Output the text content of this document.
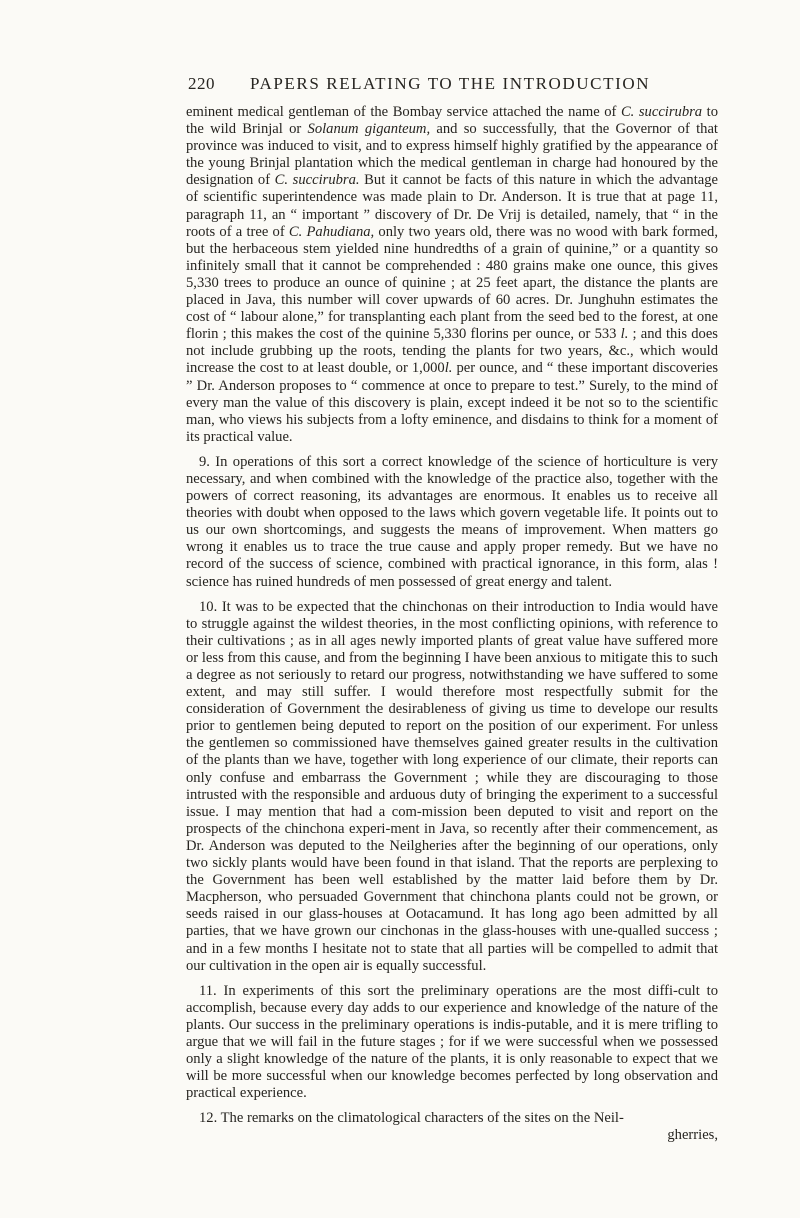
220 PAPERS RELATING TO THE INTRODUCTION

eminent medical gentleman of the Bombay service attached the name of C. succirubra to the wild Brinjal or Solanum giganteum, and so successfully, that the Governor of that province was induced to visit, and to express himself highly gratified by the appearance of the young Brinjal plantation which the medical gentleman in charge had honoured by the designation of C. succirubra. But it cannot be facts of this nature in which the advantage of scientific superintendence was made plain to Dr. Anderson. It is true that at page 11, paragraph 11, an “ important ” discovery of Dr. De Vrij is detailed, namely, that “ in the roots of a tree of C. Pahudiana, only two years old, there was no wood with bark formed, but the herbaceous stem yielded nine hundredths of a grain of quinine,” or a quantity so infinitely small that it cannot be comprehended : 480 grains make one ounce, this gives 5,330 trees to produce an ounce of quinine ; at 25 feet apart, the distance the plants are placed in Java, this number will cover upwards of 60 acres. Dr. Junghuhn estimates the cost of “ labour alone,” for transplanting each plant from the seed bed to the forest, at one florin ; this makes the cost of the quinine 5,330 florins per ounce, or 533 l. ; and this does not include grubbing up the roots, tending the plants for two years, &c., which would increase the cost to at least double, or 1,000l. per ounce, and “ these important discoveries ” Dr. Anderson proposes to “ commence at once to prepare to test.” Surely, to the mind of every man the value of this discovery is plain, except indeed it be not so to the scientific man, who views his subjects from a lofty eminence, and disdains to think for a moment of its practical value.

9. In operations of this sort a correct knowledge of the science of horticulture is very necessary, and when combined with the knowledge of the practice also, together with the powers of correct reasoning, its advantages are enormous. It enables us to receive all theories with doubt when opposed to the laws which govern vegetable life. It points out to us our own shortcomings, and suggests the means of improvement. When matters go wrong it enables us to trace the true cause and apply proper remedy. But we have no record of the success of science, combined with practical ignorance, in this form, alas ! science has ruined hundreds of men possessed of great energy and talent.

10. It was to be expected that the chinchonas on their introduction to India would have to struggle against the wildest theories, in the most conflicting opinions, with reference to their cultivations ; as in all ages newly imported plants of great value have suffered more or less from this cause, and from the beginning I have been anxious to mitigate this to such a degree as not seriously to retard our progress, notwithstanding we have suffered to some extent, and may still suffer. I would therefore most respectfully submit for the consideration of Government the desirableness of giving us time to develope our results prior to gentlemen being deputed to report on the position of our experiment. For unless the gentlemen so commissioned have themselves gained greater results in the cultivation of the plants than we have, together with long experience of our climate, their reports can only confuse and embarrass the Government ; while they are discouraging to those intrusted with the responsible and arduous duty of bringing the experiment to a successful issue. I may mention that had a com-mission been deputed to visit and report on the prospects of the chinchona experi-ment in Java, so recently after their commencement, as Dr. Anderson was deputed to the Neilgheries after the beginning of our operations, only two sickly plants would have been found in that island. That the reports are perplexing to the Government has been well established by the matter laid before them by Dr. Macpherson, who persuaded Government that chinchona plants could not be grown, or seeds raised in our glass-houses at Ootacamund. It has long ago been admitted by all parties, that we have grown our cinchonas in the glass-houses with une-qualled success ; and in a few months I hesitate not to state that all parties will be compelled to admit that our cultivation in the open air is equally successful.

11. In experiments of this sort the preliminary operations are the most diffi-cult to accomplish, because every day adds to our experience and knowledge of the nature of the plants. Our success in the preliminary operations is indis-putable, and it is mere trifling to argue that we will fail in the future stages ; for if we were successful when we possessed only a slight knowledge of the nature of the plants, it is only reasonable to expect that we will be more successful when our knowledge becomes perfected by long observation and practical experience.

12. The remarks on the climatological characters of the sites on the Neil-

gherries,
